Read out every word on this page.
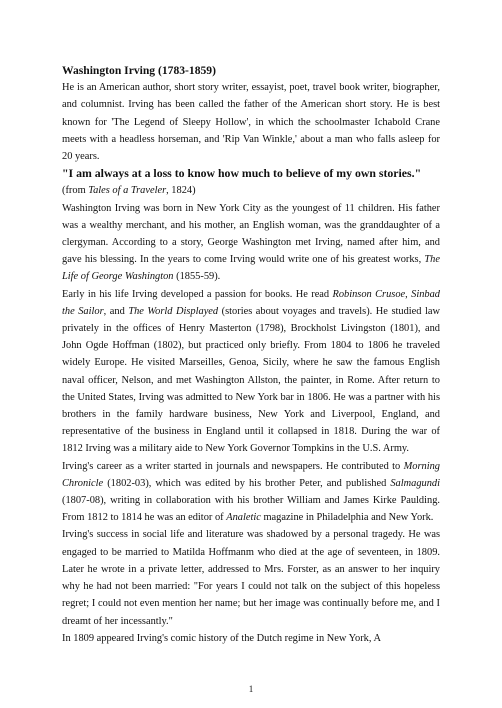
Washington Irving (1783-1859)

He is an American author, short story writer, essayist, poet, travel book writer, biographer, and columnist. Irving has been called the father of the American short story. He is best known for 'The Legend of Sleepy Hollow', in which the schoolmaster Ichabold Crane meets with a headless horseman, and 'Rip Van Winkle,' about a man who falls asleep for 20 years.

"I am always at a loss to know how much to believe of my own stories."
(from Tales of a Traveler, 1824)

Washington Irving was born in New York City as the youngest of 11 children. His father was a wealthy merchant, and his mother, an English woman, was the granddaughter of a clergyman. According to a story, George Washington met Irving, named after him, and gave his blessing. In the years to come Irving would write one of his greatest works, The Life of George Washington (1855-59).

Early in his life Irving developed a passion for books. He read Robinson Crusoe, Sinbad the Sailor, and The World Displayed (stories about voyages and travels). He studied law privately in the offices of Henry Masterton (1798), Brockholst Livingston (1801), and John Ogde Hoffman (1802), but practiced only briefly. From 1804 to 1806 he traveled widely Europe. He visited Marseilles, Genoa, Sicily, where he saw the famous English naval officer, Nelson, and met Washington Allston, the painter, in Rome. After return to the United States, Irving was admitted to New York bar in 1806. He was a partner with his brothers in the family hardware business, New York and Liverpool, England, and representative of the business in England until it collapsed in 1818. During the war of 1812 Irving was a military aide to New York Governor Tompkins in the U.S. Army.

Irving's career as a writer started in journals and newspapers. He contributed to Morning Chronicle (1802-03), which was edited by his brother Peter, and published Salmagundi (1807-08), writing in collaboration with his brother William and James Kirke Paulding. From 1812 to 1814 he was an editor of Analetic magazine in Philadelphia and New York.

Irving's success in social life and literature was shadowed by a personal tragedy. He was engaged to be married to Matilda Hoffmanm who died at the age of seventeen, in 1809. Later he wrote in a private letter, addressed to Mrs. Forster, as an answer to her inquiry why he had not been married: "For years I could not talk on the subject of this hopeless regret; I could not even mention her name; but her image was continually before me, and I dreamt of her incessantly."

In 1809 appeared Irving's comic history of the Dutch regime in New York, A

1
